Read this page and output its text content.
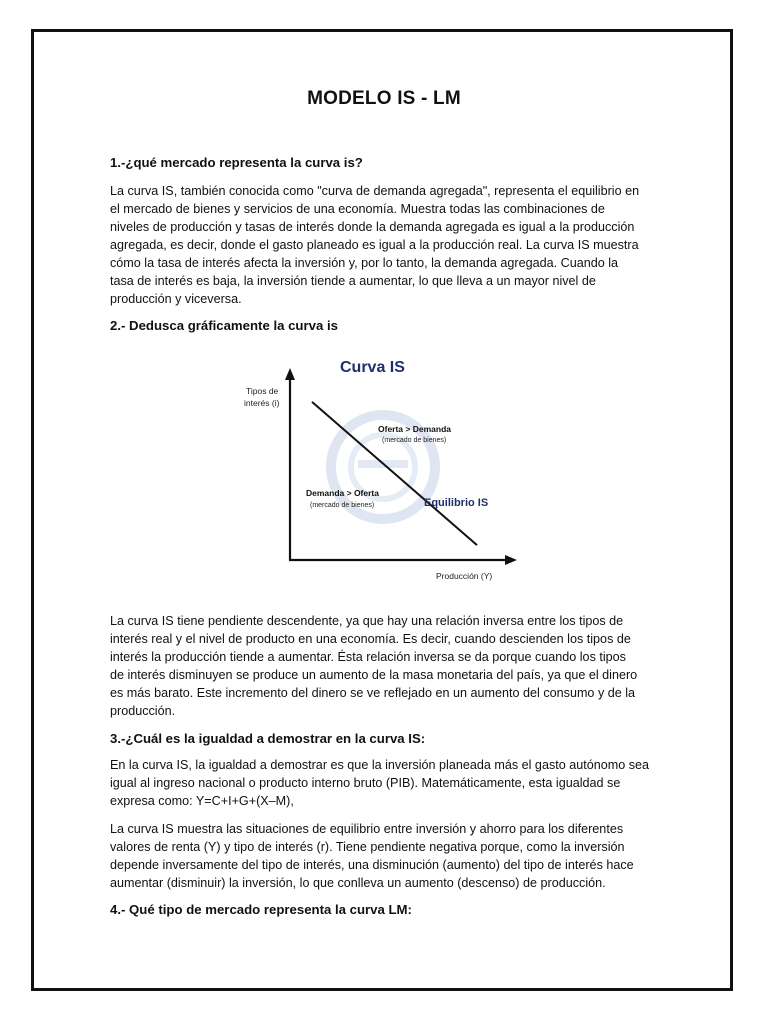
MODELO IS - LM
1.-¿qué mercado representa la curva is?
La curva IS, también conocida como "curva de demanda agregada", representa el equilibrio en
el mercado de bienes y servicios de una economía. Muestra todas las combinaciones de
niveles de producción y tasas de interés donde la demanda agregada es igual a la producción
agregada, es decir, donde el gasto planeado es igual a la producción real. La curva IS muestra
cómo la tasa de interés afecta la inversión y, por lo tanto, la demanda agregada. Cuando la
tasa de interés es baja, la inversión tiende a aumentar, lo que lleva a un mayor nivel de
producción y viceversa.
2.- Dedusca gráficamente la curva is
Curva IS
Tipos de
interés (i)
Producción (Y)
Oferta > Demanda
(mercado de bienes)
Demanda > Oferta
(mercado de bienes)	Equilibrio IS
La curva IS tiene pendiente descendente, ya que hay una relación inversa entre los tipos de
interés real y el nivel de producto en una economía. Es decir, cuando descienden los tipos de
interés la producción tiende a aumentar. Ésta relación inversa se da porque cuando los tipos
de interés disminuyen se produce un aumento de la masa monetaria del país, ya que el dinero
es más barato. Este incremento del dinero se ve reflejado en un aumento del consumo y de la
producción.
3.-¿Cuál es la igualdad a demostrar en la curva IS:
En la curva IS, la igualdad a demostrar es que la inversión planeada más el gasto autónomo sea
igual al ingreso nacional o producto interno bruto (PIB). Matemáticamente, esta igualdad se
expresa como: Y=C+I+G+(X–M),
La curva IS muestra las situaciones de equilibrio entre inversión y ahorro para los diferentes
valores de renta (Y) y tipo de interés (r). Tiene pendiente negativa porque, como la inversión
depende inversamente del tipo de interés, una disminución (aumento) del tipo de interés hace
aumentar (disminuir) la inversión, lo que conlleva un aumento (descenso) de producción.
4.- Qué tipo de mercado representa la curva LM:
